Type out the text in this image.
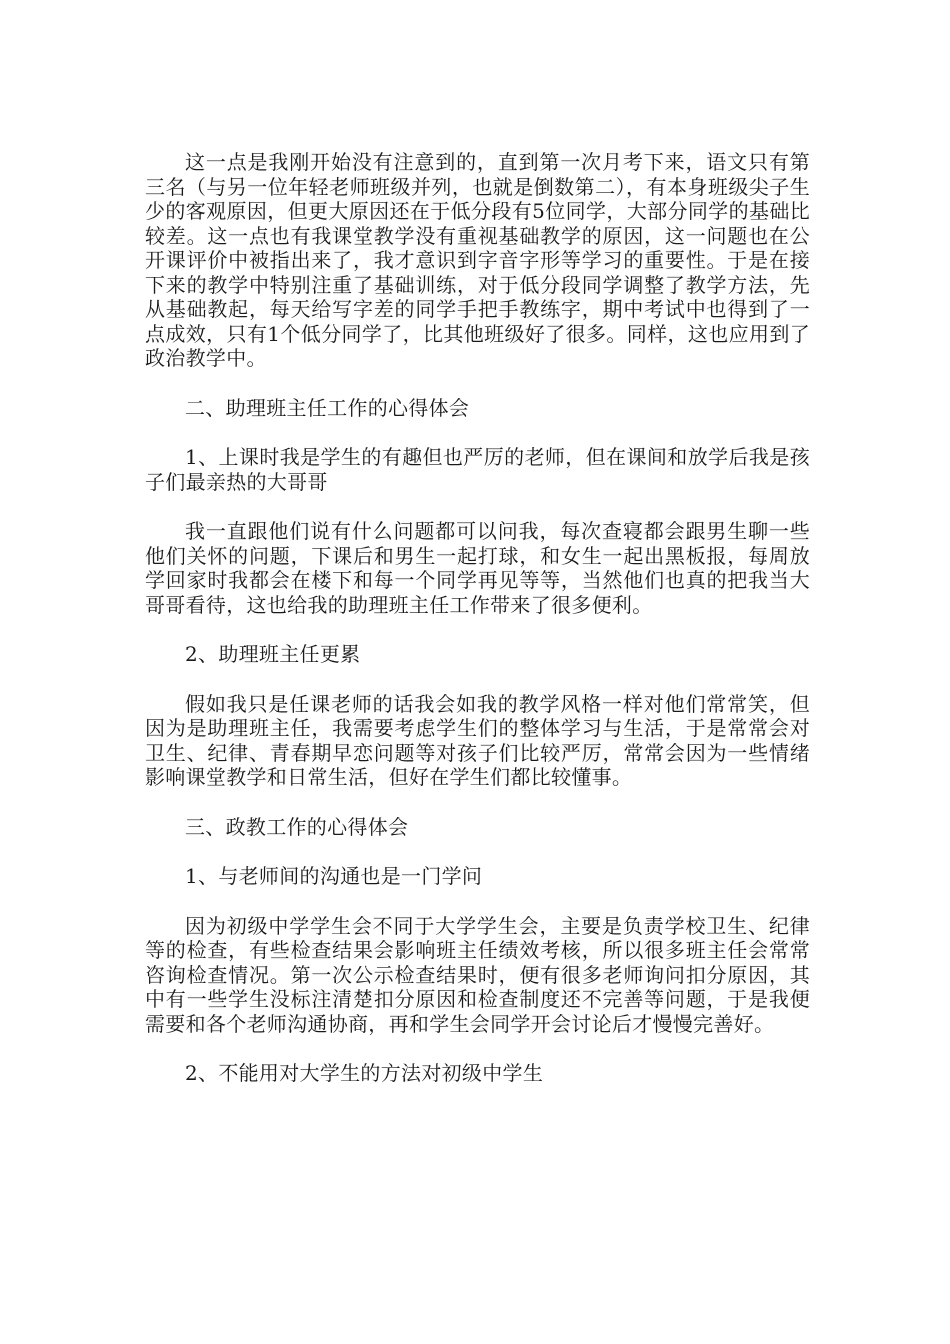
这一点是我刚开始没有注意到的，直到第一次月考下来，语文只有第三名（与另一位年轻老师班级并列，也就是倒数第二），有本身班级尖子生少的客观原因，但更大原因还在于低分段有5位同学，大部分同学的基础比较差。这一点也有我课堂教学没有重视基础教学的原因，这一问题也在公开课评价中被指出来了，我才意识到字音字形等学习的重要性。于是在接下来的教学中特别注重了基础训练，对于低分段同学调整了教学方法，先从基础教起，每天给写字差的同学手把手教练字，期中考试中也得到了一点成效，只有1个低分同学了，比其他班级好了很多。同样，这也应用到了政治教学中。

二、助理班主任工作的心得体会

1、上课时我是学生的有趣但也严厉的老师，但在课间和放学后我是孩子们最亲热的大哥哥

我一直跟他们说有什么问题都可以问我，每次查寝都会跟男生聊一些他们关怀的问题，下课后和男生一起打球，和女生一起出黑板报，每周放学回家时我都会在楼下和每一个同学再见等等，当然他们也真的把我当大哥哥看待，这也给我的助理班主任工作带来了很多便利。

2、助理班主任更累

假如我只是任课老师的话我会如我的教学风格一样对他们常常笑，但因为是助理班主任，我需要考虑学生们的整体学习与生活，于是常常会对卫生、纪律、青春期早恋问题等对孩子们比较严厉，常常会因为一些情绪影响课堂教学和日常生活，但好在学生们都比较懂事。

三、政教工作的心得体会

1、与老师间的沟通也是一门学问

因为初级中学学生会不同于大学学生会，主要是负责学校卫生、纪律等的检查，有些检查结果会影响班主任绩效考核，所以很多班主任会常常咨询检查情况。第一次公示检查结果时，便有很多老师询问扣分原因，其中有一些学生没标注清楚扣分原因和检查制度还不完善等问题，于是我便需要和各个老师沟通协商，再和学生会同学开会讨论后才慢慢完善好。

2、不能用对大学生的方法对初级中学生
